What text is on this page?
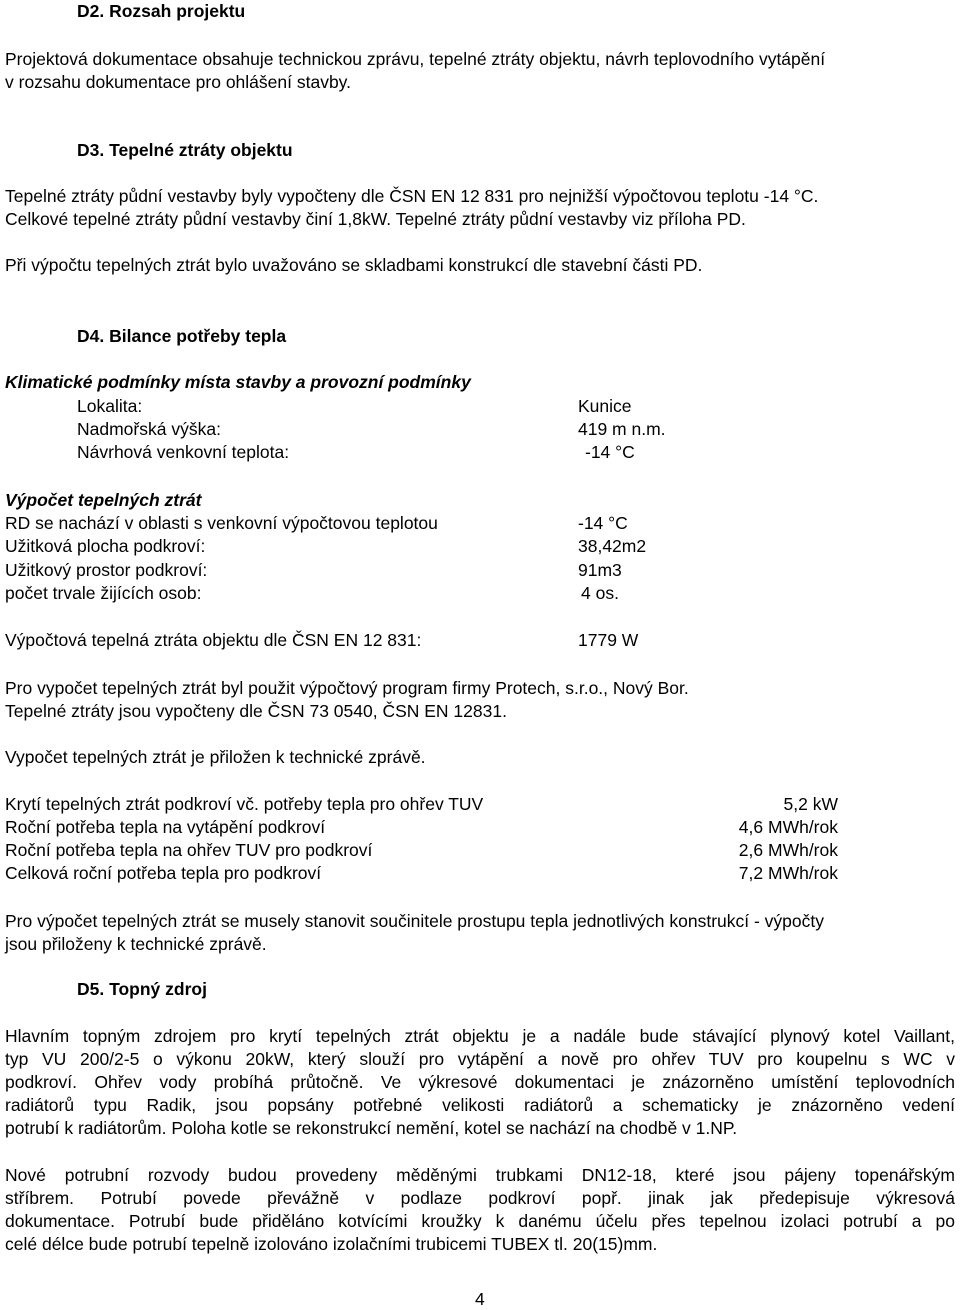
D2. Rozsah projektu
Projektová dokumentace obsahuje technickou zprávu, tepelné ztráty objektu, návrh teplovodního vytápění
v rozsahu dokumentace pro ohlášení stavby.
D3. Tepelné ztráty objektu
Tepelné ztráty půdní vestavby byly vypočteny dle ČSN EN 12 831 pro nejnižší výpočtovou teplotu -14 °C.
Celkové tepelné ztráty půdní vestavby činí 1,8kW. Tepelné ztráty půdní vestavby viz příloha PD.
Při výpočtu tepelných ztrát bylo uvažováno se skladbami konstrukcí dle stavební části PD.
D4. Bilance potřeby tepla
Klimatické podmínky místa stavby a provozní podmínky
Lokalita:	Kunice
Nadmořská výška:	419 m n.m.
Návrhová venkovní teplota:	-14 °C
Výpočet tepelných ztrát
RD se nachází v oblasti s venkovní výpočtovou teplotou	-14 °C
Užitková plocha podkroví:	38,42m2
Užitkový prostor podkroví:	91m3
počet trvale žijících osob:	4 os.
Výpočtová tepelná ztráta objektu dle ČSN EN 12 831:	1779 W
Pro vypočet tepelných ztrát byl použit výpočtový program firmy Protech, s.r.o., Nový Bor.
Tepelné ztráty jsou vypočteny dle ČSN 73 0540, ČSN EN 12831.
Vypočet tepelných ztrát je přiložen k technické zprávě.
Krytí tepelných ztrát podkroví vč. potřeby tepla pro ohřev TUV	5,2 kW
Roční potřeba tepla na vytápění podkroví	4,6 MWh/rok
Roční potřeba tepla na ohřev TUV pro podkroví	2,6 MWh/rok
Celková roční potřeba tepla pro podkroví	7,2 MWh/rok
Pro výpočet tepelných ztrát se musely stanovit součinitele prostupu tepla jednotlivých konstrukcí - výpočty
jsou přiloženy k technické zprávě.
D5. Topný zdroj
Hlavním topným zdrojem pro krytí tepelných ztrát objektu je a nadále bude stávající plynový kotel Vaillant,
typ VU 200/2-5 o výkonu 20kW, který slouží pro vytápění a nově pro ohřev TUV pro koupelnu s WC v
podkroví. Ohřev vody probíhá průtočně. Ve výkresové dokumentaci je znázorněno umístění teplovodních
radiátorů typu Radik, jsou popsány potřebné velikosti radiátorů a schematicky je znázorněno vedení
potrubí k radiátorům. Poloha kotle se rekonstrukcí nemění, kotel se nachází na chodbě v 1.NP.
Nové potrubní rozvody budou provedeny měděnými trubkami DN12-18, které jsou pájeny topenářským
stříbrem. Potrubí povede převážně v podlaze podkroví popř. jinak jak předepisuje výkresová
dokumentace. Potrubí bude přiděláno kotvícími kroužky k danému účelu přes tepelnou izolaci potrubí a po
celé délce bude potrubí tepelně izolováno izolačními trubicemi TUBEX tl. 20(15)mm.
4
